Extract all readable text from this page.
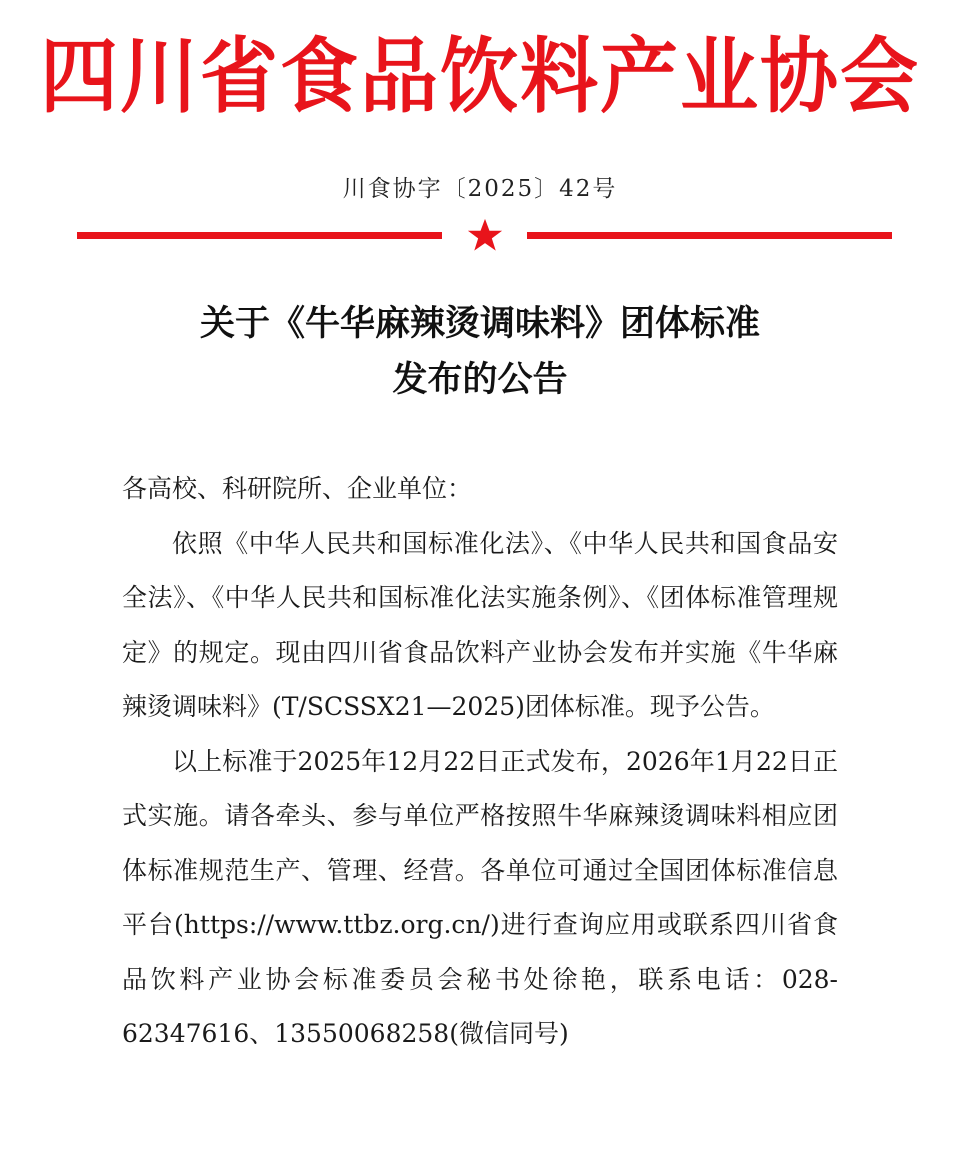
四川省食品饮料产业协会
川食协字〔2025〕42号
关于《牛华麻辣烫调味料》团体标准
发布的公告

各高校、科研院所、企业单位：

依照《中华人民共和国标准化法》、《中华人民共和国食品安全法》、《中华人民共和国标准化法实施条例》、《团体标准管理规定》的规定。现由四川省食品饮料产业协会发布并实施《牛华麻辣烫调味料》(T/SCSSX21—2025)团体标准。现予公告。

以上标准于2025年12月22日正式发布，2026年1月22日正式实施。请各牵头、参与单位严格按照牛华麻辣烫调味料相应团体标准规范生产、管理、经营。各单位可通过全国团体标准信息平台(https://www.ttbz.org.cn/)进行查询应用或联系四川省食品饮料产业协会标准委员会秘书处徐艳，联系电话：028-62347616、13550068258(微信同号)
